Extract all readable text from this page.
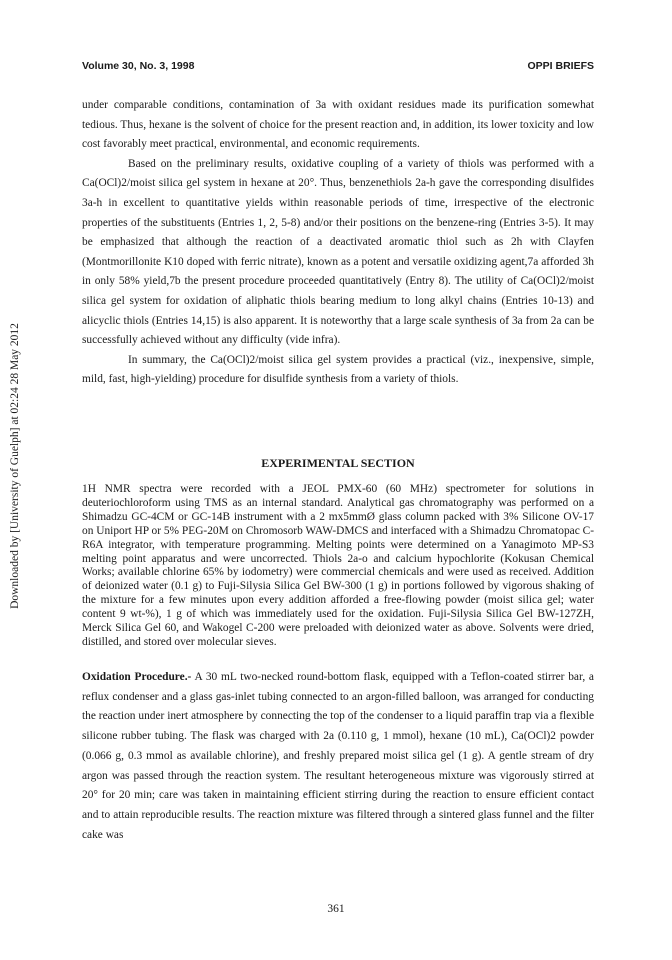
Volume 30, No. 3, 1998	OPPI BRIEFS
Downloaded by [University of Guelph] at 02:24 28 May 2012

under comparable conditions, contamination of 3a with oxidant residues made its purification somewhat tedious. Thus, hexane is the solvent of choice for the present reaction and, in addition, its lower toxicity and low cost favorably meet practical, environmental, and economic requirements.

Based on the preliminary results, oxidative coupling of a variety of thiols was performed with a Ca(OCl)2/moist silica gel system in hexane at 20°. Thus, benzenethiols 2a-h gave the corresponding disulfides 3a-h in excellent to quantitative yields within reasonable periods of time, irrespective of the electronic properties of the substituents (Entries 1, 2, 5-8) and/or their positions on the benzene-ring (Entries 3-5). It may be emphasized that although the reaction of a deactivated aromatic thiol such as 2h with Clayfen (Montmorillonite K10 doped with ferric nitrate), known as a potent and versatile oxidizing agent,7a afforded 3h in only 58% yield,7b the present procedure proceeded quantitatively (Entry 8). The utility of Ca(OCl)2/moist silica gel system for oxidation of aliphatic thiols bearing medium to long alkyl chains (Entries 10-13) and alicyclic thiols (Entries 14,15) is also apparent. It is noteworthy that a large scale synthesis of 3a from 2a can be successfully achieved without any difficulty (vide infra).

In summary, the Ca(OCl)2/moist silica gel system provides a practical (viz., inexpensive, simple, mild, fast, high-yielding) procedure for disulfide synthesis from a variety of thiols.

EXPERIMENTAL SECTION

1H NMR spectra were recorded with a JEOL PMX-60 (60 MHz) spectrometer for solutions in deuteriochloroform using TMS as an internal standard. Analytical gas chromatography was performed on a Shimadzu GC-4CM or GC-14B instrument with a 2 mx5mmØ glass column packed with 3% Silicone OV-17 on Uniport HP or 5% PEG-20M on Chromosorb WAW-DMCS and interfaced with a Shimadzu Chromatopac C-R6A integrator, with temperature programming. Melting points were determined on a Yanagimoto MP-S3 melting point apparatus and were uncorrected. Thiols 2a-o and calcium hypochlorite (Kokusan Chemical Works; available chlorine 65% by iodometry) were commercial chemicals and were used as received. Addition of deionized water (0.1 g) to Fuji-Silysia Silica Gel BW-300 (1 g) in portions followed by vigorous shaking of the mixture for a few minutes upon every addition afforded a free-flowing powder (moist silica gel; water content 9 wt-%), 1 g of which was immediately used for the oxidation. Fuji-Silysia Silica Gel BW-127ZH, Merck Silica Gel 60, and Wakogel C-200 were preloaded with deionized water as above. Solvents were dried, distilled, and stored over molecular sieves.

Oxidation Procedure.- A 30 mL two-necked round-bottom flask, equipped with a Teflon-coated stirrer bar, a reflux condenser and a glass gas-inlet tubing connected to an argon-filled balloon, was arranged for conducting the reaction under inert atmosphere by connecting the top of the condenser to a liquid paraffin trap via a flexible silicone rubber tubing. The flask was charged with 2a (0.110 g, 1 mmol), hexane (10 mL), Ca(OCl)2 powder (0.066 g, 0.3 mmol as available chlorine), and freshly prepared moist silica gel (1 g). A gentle stream of dry argon was passed through the reaction system. The resultant heterogeneous mixture was vigorously stirred at 20° for 20 min; care was taken in maintaining efficient stirring during the reaction to ensure efficient contact and to attain reproducible results. The reaction mixture was filtered through a sintered glass funnel and the filter cake was

361
